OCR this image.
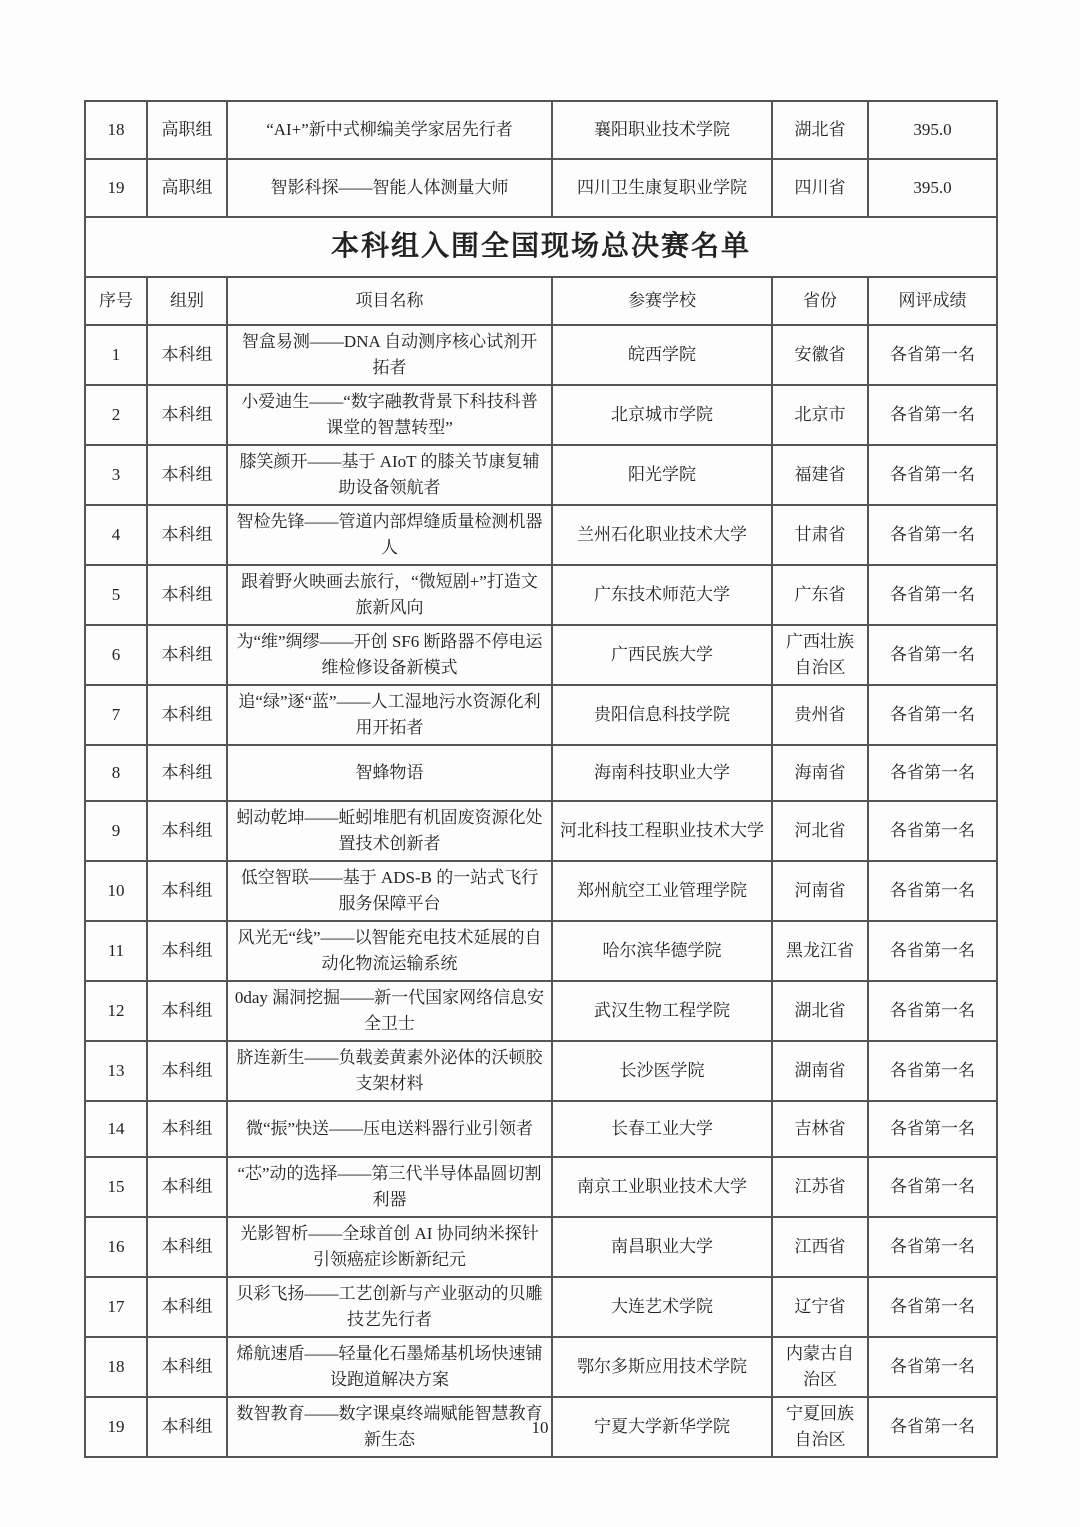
18	高职组	“AI+”新中式柳编美学家居先行者	襄阳职业技术学院	湖北省	395.0
19	高职组	智影科探——智能人体测量大师	四川卫生康复职业学院	四川省	395.0
本科组入围全国现场总决赛名单					
序号	组别	项目名称	参赛学校	省份	网评成绩
1	本科组	智盒易测——DNA 自动测序核心试剂开拓者	皖西学院	安徽省	各省第一名
2	本科组	小爱迪生——“数字融教背景下科技科普课堂的智慧转型”	北京城市学院	北京市	各省第一名
3	本科组	膝笑颜开——基于 AIoT 的膝关节康复辅助设备领航者	阳光学院	福建省	各省第一名
4	本科组	智检先锋——管道内部焊缝质量检测机器人	兰州石化职业技术大学	甘肃省	各省第一名
5	本科组	跟着野火映画去旅行，“微短剧+”打造文旅新风向	广东技术师范大学	广东省	各省第一名
6	本科组	为“维”绸缪——开创 SF6 断路器不停电运维检修设备新模式	广西民族大学	广西壮族自治区	各省第一名
7	本科组	追“绿”逐“蓝”——人工湿地污水资源化利用开拓者	贵阳信息科技学院	贵州省	各省第一名
8	本科组	智蜂物语	海南科技职业大学	海南省	各省第一名
9	本科组	蚓动乾坤——蚯蚓堆肥有机固废资源化处置技术创新者	河北科技工程职业技术大学	河北省	各省第一名
10	本科组	低空智联——基于 ADS-B 的一站式飞行服务保障平台	郑州航空工业管理学院	河南省	各省第一名
11	本科组	风光无“线”——以智能充电技术延展的自动化物流运输系统	哈尔滨华德学院	黑龙江省	各省第一名
12	本科组	0day 漏洞挖掘——新一代国家网络信息安全卫士	武汉生物工程学院	湖北省	各省第一名
13	本科组	脐连新生——负载姜黄素外泌体的沃顿胶支架材料	长沙医学院	湖南省	各省第一名
14	本科组	微“振”快送——压电送料器行业引领者	长春工业大学	吉林省	各省第一名
15	本科组	“芯”动的选择——第三代半导体晶圆切割利器	南京工业职业技术大学	江苏省	各省第一名
16	本科组	光影智析——全球首创 AI 协同纳米探针引领癌症诊断新纪元	南昌职业大学	江西省	各省第一名
17	本科组	贝彩飞扬——工艺创新与产业驱动的贝雕技艺先行者	大连艺术学院	辽宁省	各省第一名
18	本科组	烯航速盾——轻量化石墨烯基机场快速铺设跑道解决方案	鄂尔多斯应用技术学院	内蒙古自治区	各省第一名
19	本科组	数智教育——数字课桌终端赋能智慧教育新生态	宁夏大学新华学院	宁夏回族自治区	各省第一名
10
